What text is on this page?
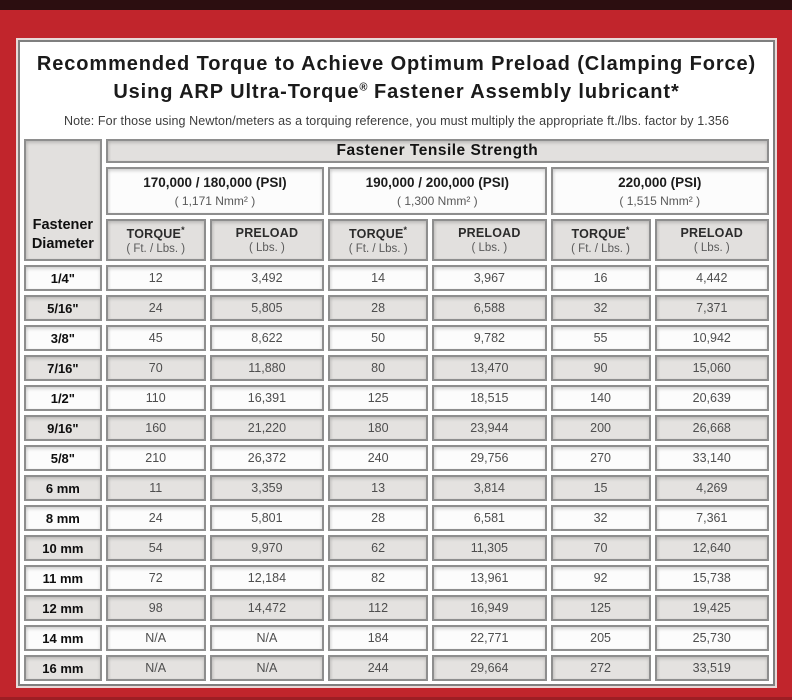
Recommended Torque to Achieve Optimum Preload (Clamping Force)
Using ARP Ultra-Torque® Fastener Assembly lubricant*
Note: For those using Newton/meters as a torquing reference, you must multiply the appropriate ft./lbs. factor by 1.356
Fastener
Diameter	Fastener Tensile Strength					

170,000 / 180,000 (PSI)
( 1,171 Nmm² )

190,000 / 200,000 (PSI)
( 1,300 Nmm² )

220,000 (PSI)
( 1,515 Nmm² )

TORQUE*
( Ft. / Lbs. )

PRELOAD
( Lbs. )

TORQUE*
( Ft. / Lbs. )

PRELOAD
( Lbs. )

TORQUE*
( Ft. / Lbs. )

PRELOAD
( Lbs. )

1/4"	12	3,492	14	3,967	16	4,442
5/16"	24	5,805	28	6,588	32	7,371
3/8"	45	8,622	50	9,782	55	10,942
7/16"	70	11,880	80	13,470	90	15,060
1/2"	110	16,391	125	18,515	140	20,639
9/16"	160	21,220	180	23,944	200	26,668
5/8"	210	26,372	240	29,756	270	33,140
6 mm	11	3,359	13	3,814	15	4,269
8 mm	24	5,801	28	6,581	32	7,361
10 mm	54	9,970	62	11,305	70	12,640
11 mm	72	12,184	82	13,961	92	15,738
12 mm	98	14,472	112	16,949	125	19,425
14 mm	N/A	N/A	184	22,771	205	25,730
16 mm	N/A	N/A	244	29,664	272	33,519
